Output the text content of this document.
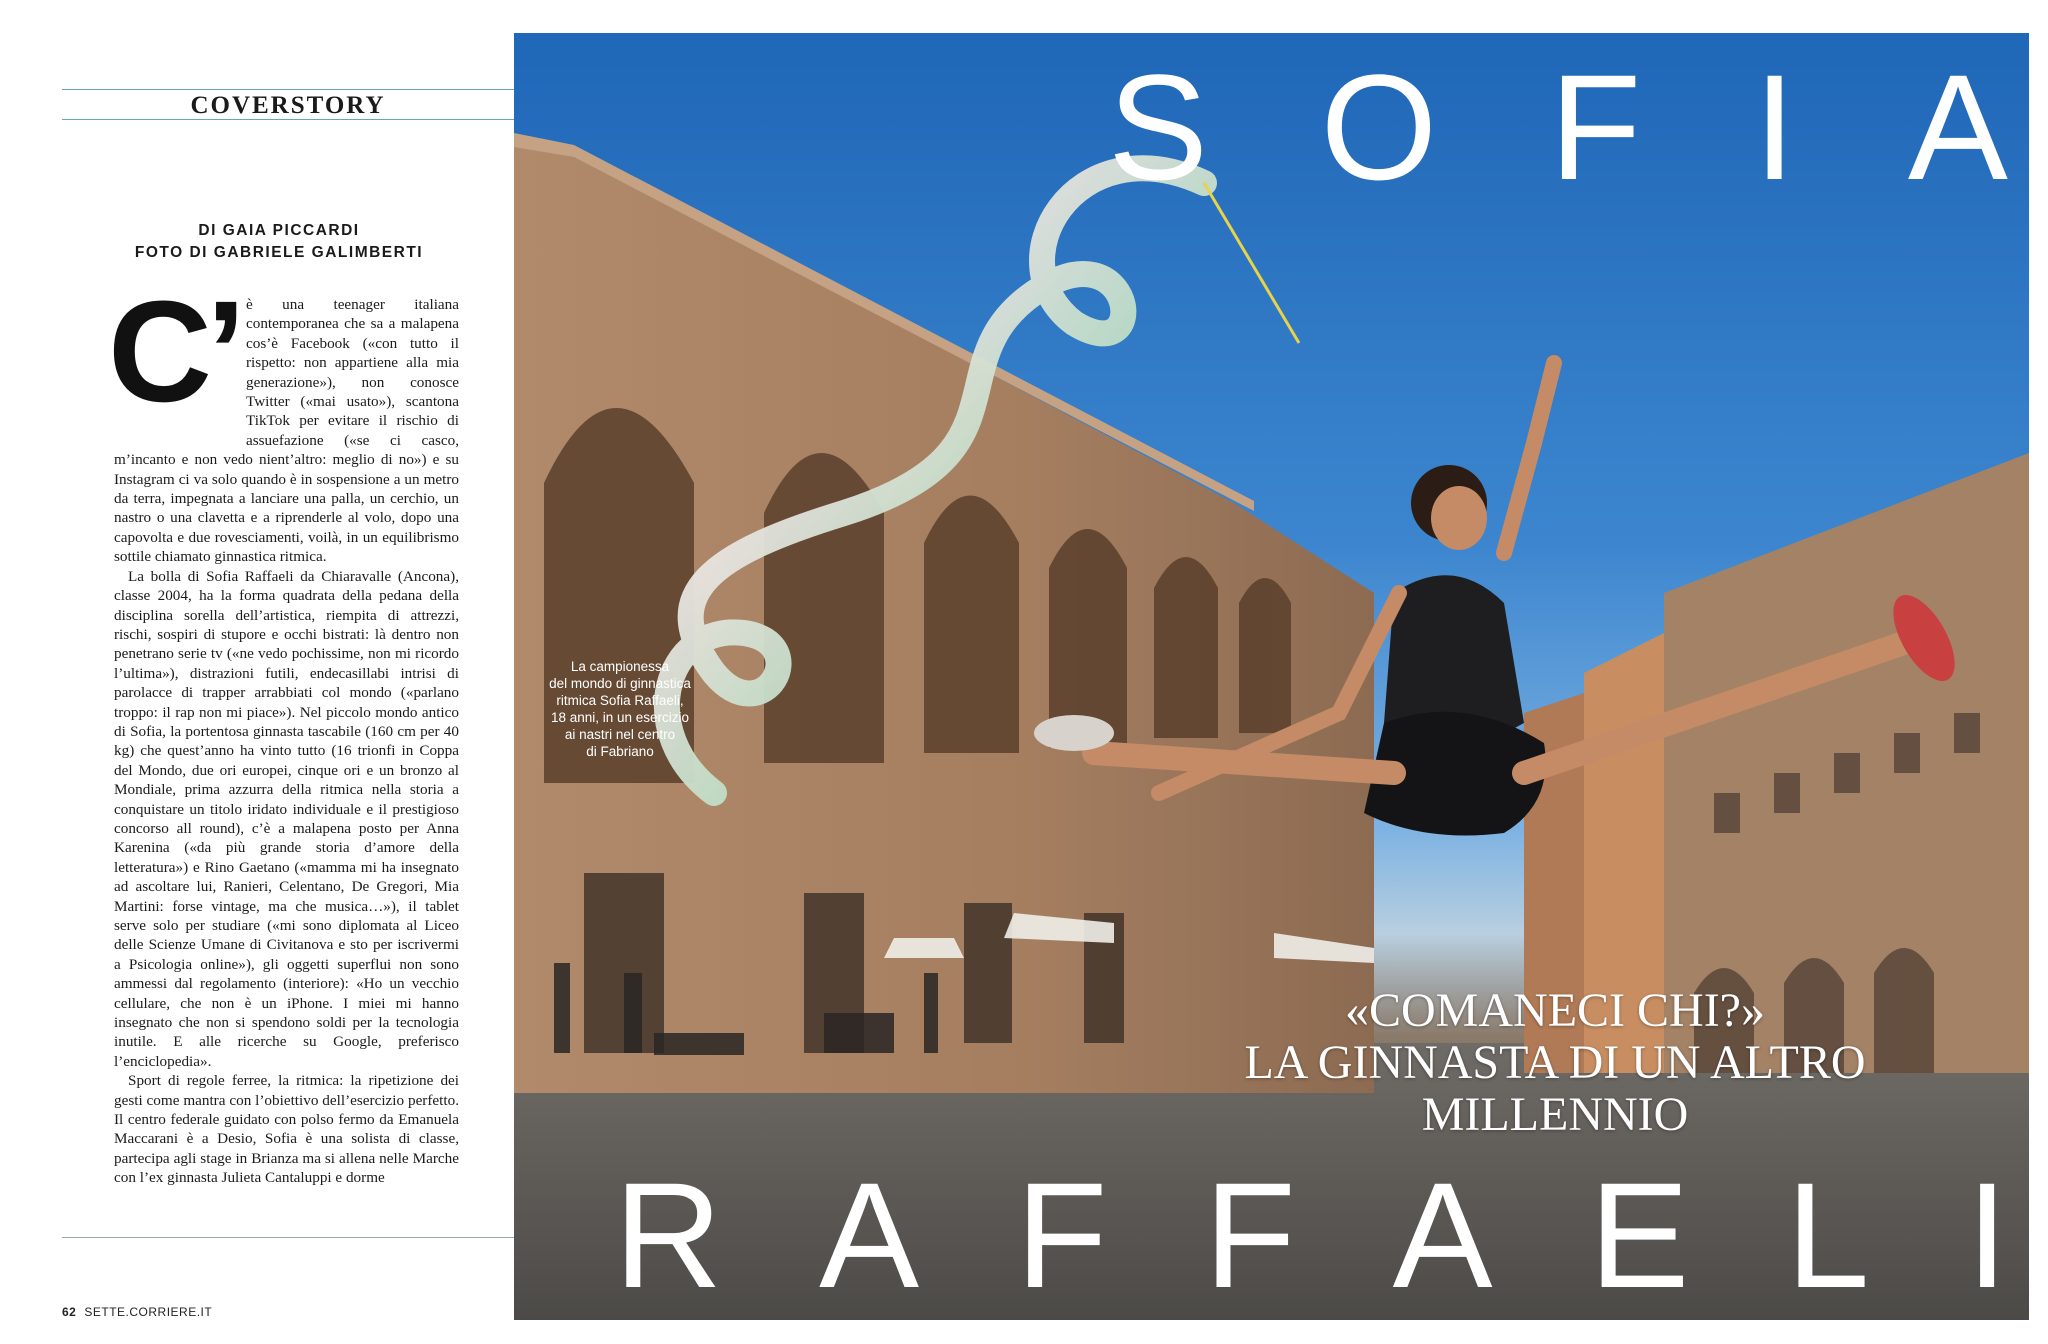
COVERSTORY
DI GAIA PICCARDI
FOTO DI GABRIELE GALIMBERTI
C’ è una teenager italiana contemporanea che sa a malapena cos’è Facebook («con tutto il rispetto: non appartiene alla mia generazione»), non conosce Twitter («mai usato»), scantona TikTok per evitare il rischio di assuefazione («se ci casco, m’incanto e non vedo nient’altro: meglio di no») e su Instagram ci va solo quando è in sospensione a un metro da terra, impegnata a lanciare una palla, un cerchio, un nastro o una clavetta e a riprenderle al volo, dopo una capovolta e due rovesciamenti, voilà, in un equilibrismo sottile chiamato ginnastica ritmica.

La bolla di Sofia Raffaeli da Chiaravalle (Ancona), classe 2004, ha la forma quadrata della pedana della disciplina sorella dell’artistica, riempita di attrezzi, rischi, sospiri di stupore e occhi bistrati: là dentro non penetrano serie tv («ne vedo pochissime, non mi ricordo l’ultima»), distrazioni futili, endecasillabi intrisi di parolacce di trapper arrabbiati col mondo («parlano troppo: il rap non mi piace»). Nel piccolo mondo antico di Sofia, la portentosa ginnasta tascabile (160 cm per 40 kg) che quest’anno ha vinto tutto (16 trionfi in Coppa del Mondo, due ori europei, cinque ori e un bronzo al Mondiale, prima azzurra della ritmica nella storia a conquistare un titolo iridato individuale e il prestigioso concorso all round), c’è a malapena posto per Anna Karenina («da più grande storia d’amore della letteratura») e Rino Gaetano («mamma mi ha insegnato ad ascoltare lui, Ranieri, Celentano, De Gregori, Mia Martini: forse vintage, ma che musica…»), il tablet serve solo per studiare («mi sono diplomata al Liceo delle Scienze Umane di Civitanova e sto per iscrivermi a Psicologia online»), gli oggetti superflui non sono ammessi dal regolamento (interiore): «Ho un vecchio cellulare, che non è un iPhone. I miei mi hanno insegnato che non si spendono soldi per la tecnologia inutile. E alle ricerche su Google, preferisco l’enciclopedia».

Sport di regole ferree, la ritmica: la ripetizione dei gesti come mantra con l’obiettivo dell’esercizio perfetto. Il centro federale guidato con polso fermo da Emanuela Maccarani è a Desio, Sofia è una solista di classe, partecipa agli stage in Brianza ma si allena nelle Marche con l’ex ginnasta Julieta Cantaluppi e dorme

62 SETTE.CORRIERE.IT
La campionessa
del mondo di ginnastica
ritmica Sofia Raffaeli,
18 anni, in un esercizio
ai nastri nel centro
di Fabriano
S O F I A
«COMANECI CHI?»
LA GINNASTA DI UN ALTRO
MILLENNIO
R A F F A E L I
